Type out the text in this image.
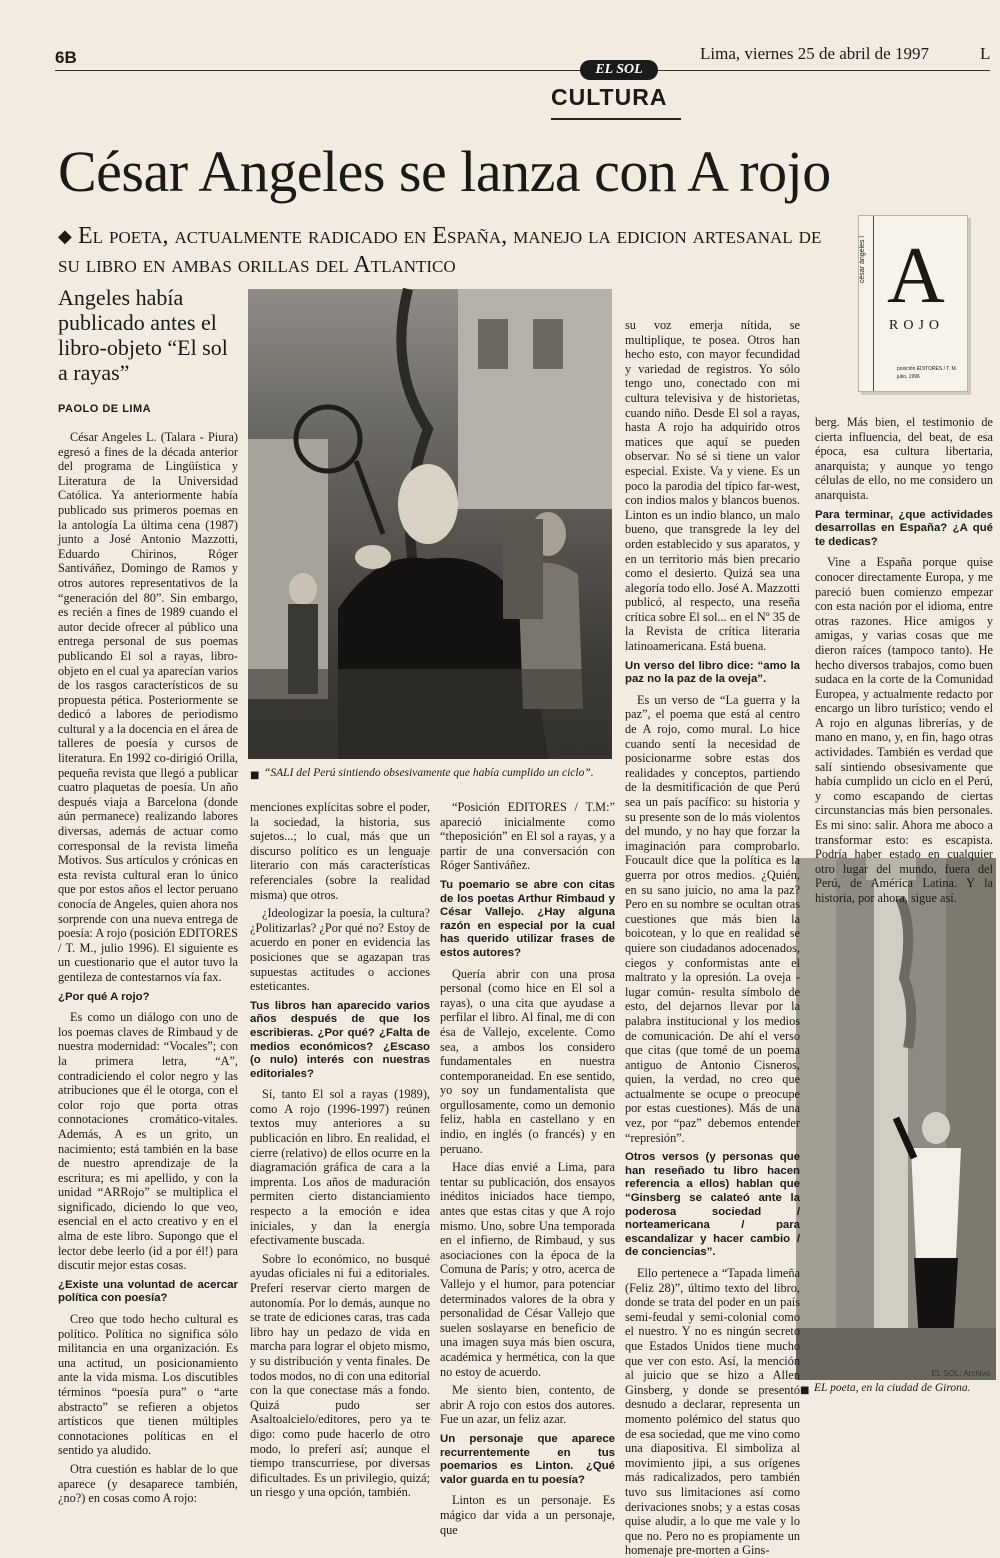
6B	Lima, viernes 25 de abril de 1997	L
EL SOL
CULTURA
César Angeles se lanza con A rojo
◆ El poeta, actualmente radicado en España, manejo la edicion artesanal de su libro en ambas orillas del Atlantico
Angeles había publicado antes el libro-objeto “El sol a rayas”
PAOLO DE LIMA
césar ángeles l A
ROJO
posición EDITORES / T. M.
julio, 1996
EL SOL: Archivo
■ “SALI del Perú sintiendo obsesivamente que había cumplido un ciclo”.
EL SOL: Archivo
■ EL poeta, en la ciudad de Girona.

César Angeles L. (Talara - Piura) egresó a fines de la década anterior del programa de Lingüística y Literatura de la Universidad Católica. Ya anteriormente había publicado sus primeros poemas en la antología La última cena (1987) junto a José Antonio Mazzotti, Eduardo Chirinos, Róger Santiváñez, Domingo de Ramos y otros autores representativos de la “generación del 80”. Sin embargo, es recién a fines de 1989 cuando el autor decide ofrecer al público una entrega personal de sus poemas publicando El sol a rayas, libro-objeto en el cual ya aparecían varios de los rasgos característicos de su propuesta pética. Posteriormente se dedicó a labores de periodismo cultural y a la docencia en el área de talleres de poesía y cursos de literatura. En 1992 co-dirigió Orilla, pequeña revista que llegó a publicar cuatro plaquetas de poesía. Un año después viaja a Barcelona (donde aún permanece) realizando labores diversas, además de actuar como corresponsal de la revista limeña Motivos. Sus artículos y crónicas en esta revista cultural eran lo único que por estos años el lector peruano conocía de Angeles, quien ahora nos sorprende con una nueva entrega de poesía: A rojo (posición EDITORES / T. M., julio 1996). El siguiente es un cuestionario que el autor tuvo la gentileza de contestarnos vía fax.

¿Por qué A rojo?

Es como un diálogo con uno de los poemas claves de Rimbaud y de nuestra modernidad: “Vocales”; con la primera letra, “A”, contradiciendo el color negro y las atribuciones que él le otorga, con el color rojo que porta otras connotaciones cromático-vitales. Además, A es un grito, un nacimiento; está también en la base de nuestro aprendizaje de la escritura; es mi apellido, y con la unidad “ARRojo” se multiplica el significado, diciendo lo que veo, esencial en el acto creativo y en el alma de este libro. Supongo que el lector debe leerlo (id a por él!) para discutir mejor estas cosas.

¿Existe una voluntad de acercar política con poesía?

Creo que todo hecho cultural es político. Política no significa sólo militancia en una organización. Es una actitud, un posicionamiento ante la vida misma. Los discutibles términos “poesía pura” o “arte abstracto” se refieren a objetos artísticos que tienen múltiples connotaciones políticas en el sentido ya aludido.

Otra cuestión es hablar de lo que aparece (y desaparece también, ¿no?) en cosas como A rojo:

menciones explícitas sobre el poder, la sociedad, la historia, sus sujetos...; lo cual, más que un discurso político es un lenguaje literario con más características referenciales (sobre la realidad misma) que otros.

¿Ideologizar la poesía, la cultura? ¿Politizarlas? ¿Por qué no? Estoy de acuerdo en poner en evidencia las posiciones que se agazapan tras supuestas actitudes o acciones esteticantes.

Tus libros han aparecido varios años después de que los escribieras. ¿Por qué? ¿Falta de medios económicos? ¿Escaso (o nulo) interés con nuestras editoriales?

Sí, tanto El sol a rayas (1989), como A rojo (1996-1997) reúnen textos muy anteriores a su publicación en libro. En realidad, el cierre (relativo) de ellos ocurre en la diagramación gráfica de cara a la imprenta. Los años de maduración permiten cierto distanciamiento respecto a la emoción e idea iniciales, y dan la energía efectivamente buscada.

Sobre lo económico, no busqué ayudas oficiales ni fui a editoriales. Preferí reservar cierto margen de autonomía. Por lo demás, aunque no se trate de ediciones caras, tras cada libro hay un pedazo de vida en marcha para lograr el objeto mismo, y su distribución y venta finales. De todos modos, no di con una editorial con la que conectase más a fondo. Quizá pudo ser Asaltoalcielo/editores, pero ya te digo: como pude hacerlo de otro modo, lo preferí así; aunque el tiempo transcurriese, por diversas dificultades. Es un privilegio, quizá; un riesgo y una opción, también.

“Posición EDITORES / T.M:” apareció inicialmente como “theposición” en El sol a rayas, y a partir de una conversación con Róger Santiváñez.

Tu poemario se abre con citas de los poetas Arthur Rimbaud y César Vallejo. ¿Hay alguna razón en especial por la cual has querido utilizar frases de estos autores?

Quería abrir con una prosa personal (como hice en El sol a rayas), o una cita que ayudase a perfilar el libro. Al final, me di con ésa de Vallejo, excelente. Como sea, a ambos los considero fundamentales en nuestra contemporaneidad. En ese sentido, yo soy un fundamentalista que orgullosamente, como un demonio feliz, habla en castellano y en indio, en inglés (o francés) y en peruano.

Hace días envié a Lima, para tentar su publicación, dos ensayos inéditos iniciados hace tiempo, antes que estas citas y que A rojo mismo. Uno, sobre Una temporada en el infierno, de Rimbaud, y sus asociaciones con la época de la Comuna de París; y otro, acerca de Vallejo y el humor, para potenciar determinados valores de la obra y personalidad de César Vallejo que suelen soslayarse en beneficio de una imagen suya más bien oscura, académica y hermética, con la que no estoy de acuerdo.

Me siento bien, contento, de abrir A rojo con estos dos autores. Fue un azar, un feliz azar.

Un personaje que aparece recurrentemente en tus poemarios es Linton. ¿Qué valor guarda en tu poesía?

Linton es un personaje. Es mágico dar vida a un personaje, que

su voz emerja nítida, se multiplique, te posea. Otros han hecho esto, con mayor fecundidad y variedad de registros. Yo sólo tengo uno, conectado con mi cultura televisiva y de historietas, cuando niño. Desde El sol a rayas, hasta A rojo ha adquirido otros matices que aquí se pueden observar. No sé si tiene un valor especial. Existe. Va y viene. Es un poco la parodia del típico far-west, con indios malos y blancos buenos. Linton es un indio blanco, un malo bueno, que transgrede la ley del orden establecido y sus aparatos, y en un territorio más bien precario como el desierto. Quizá sea una alegoría todo ello. José A. Mazzotti publicó, al respecto, una reseña crítica sobre El sol... en el Nº 35 de la Revista de crítica literaria latinoamericana. Está buena.

Un verso del libro dice: “amo la paz no la paz de la oveja”.

Es un verso de “La guerra y la paz”, el poema que está al centro de A rojo, como mural. Lo hice cuando sentí la necesidad de posicionarme sobre estas dos realidades y conceptos, partiendo de la desmitificación de que Perú sea un país pacífico: su historia y su presente son de lo más violentos del mundo, y no hay que forzar la imaginación para comprobarlo. Foucault dice que la política es la guerra por otros medios. ¿Quién, en su sano juicio, no ama la paz? Pero en su nombre se ocultan otras cuestiones que más bien la boicotean, y lo que en realidad se quiere son ciudadanos adocenados, ciegos y conformistas ante el maltrato y la opresión. La oveja -lugar común- resulta símbolo de esto, del dejarnos llevar por la palabra institucional y los medios de comunicación. De ahí el verso que citas (que tomé de un poema antiguo de Antonio Cisneros, quien, la verdad, no creo que actualmente se ocupe o preocupe por estas cuestiones). Más de una vez, por “paz” debemos entender “represión”.

Otros versos (y personas que han reseñado tu libro hacen referencia a ellos) hablan que “Ginsberg se calateó ante la poderosa sociedad / norteamericana / para escandalizar y hacer cambio / de conciencias”.

Ello pertenece a “Tapada limeña (Feliz 28)”, último texto del libro, donde se trata del poder en un país semi-feudal y semi-colonial como el nuestro. Y no es ningún secreto que Estados Unidos tiene mucho que ver con esto. Así, la mención al juicio que se hizo a Allen Ginsberg, y donde se presentó desnudo a declarar, representa un momento polémico del status quo de esa sociedad, que me vino como una diapositiva. El simboliza al movimiento jipi, a sus orígenes más radicalizados, pero también tuvo sus limitaciones así como derivaciones snobs; y a estas cosas quise aludir, a lo que me vale y lo que no. Pero no es propiamente un homenaje pre-morten a Gins-

berg. Más bien, el testimonio de cierta influencia, del beat, de esa época, esa cultura libertaria, anarquista; y aunque yo tengo células de ello, no me considero un anarquista.

Para terminar, ¿que actividades desarrollas en España? ¿A qué te dedicas?

Vine a España porque quise conocer directamente Europa, y me pareció buen comienzo empezar con esta nación por el idioma, entre otras razones. Hice amigos y amigas, y varias cosas que me dieron raíces (tampoco tanto). He hecho diversos trabajos, como buen sudaca en la corte de la Comunidad Europea, y actualmente redacto por encargo un libro turístico; vendo el A rojo en algunas librerías, y de mano en mano, y, en fin, hago otras actividades. También es verdad que salí sintiendo obsesivamente que había cumplido un ciclo en el Perú, y como escapando de ciertas circunstancias más bien personales. Es mi sino: salir. Ahora me aboco a transformar esto: es escapista. Podría haber estado en cualquier otro lugar del mundo, fuera del Perú, de América Latina. Y la historia, por ahora, sigue así.
